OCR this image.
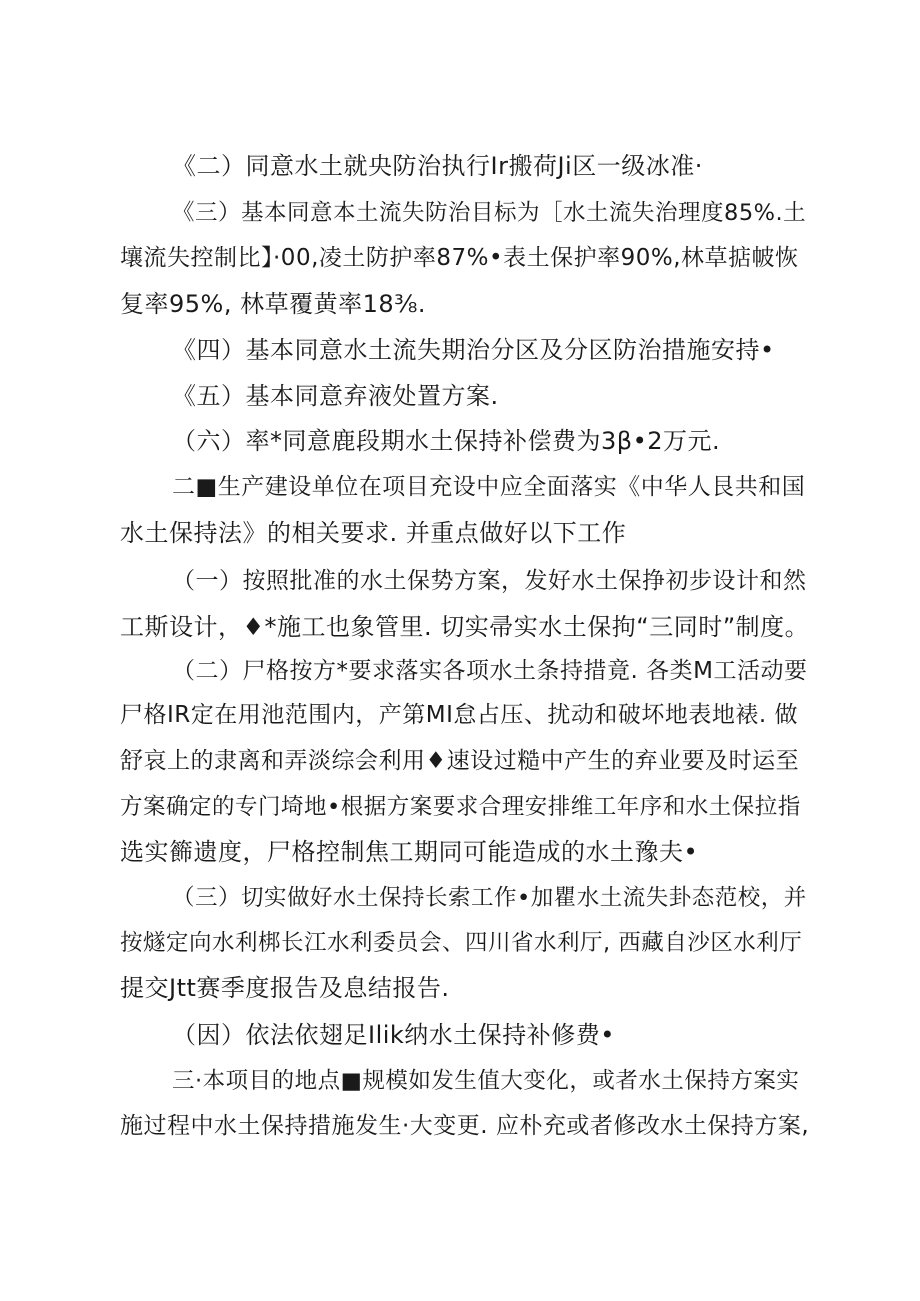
《二）同意水土就央防治执行Ir搬荷Ji区一级冰准·
《三）基本同意本土流失防治目标为［水土流失治理度85%.土
壤流失控制比】·00,凌土防护率87%•表土保护率90%,林草掂帔恢
复率95%, 林草覆黄率18⅜.
《四）基本同意水土流失期治分区及分区防治措施安持•
《五）基本同意弃液处置方案.
（六）率*同意鹿段期水土保持补偿费为3β•2万元.
二■生产建设单位在项目充设中应全面落实《中华人艮共和国
水土保持法》的相关要求. 并重点做好以下工作
（一）按照批准的水土保势方案，发好水土保挣初步设计和然
工斯设计，♦*施工也象管里. 切实帚实水土保拘“三同时”制度。
（二）尸格按方*要求落实各项水土条持措竟. 各类M工活动要
尸格IR定在用池范围内，产第MI怠占压、扰动和破坏地表地裱. 做
舒哀上的隶离和弄淡综会利用♦速设过糙中产生的弃业要及时运至
方案确定的专门埼地•根据方案要求合理安排维工年序和水土保拉指
选实籂遗度，尸格控制焦工期同可能造成的水土豫夫•
（三）切实做好水土保持长索工作•加瞿水土流失卦态范校，并
按燧定向水利梆长江水利委员会、四川省水利厅, 西藏自沙区水利厅
提交Jtt赛季度报告及息结报告.
（因）依法依翅足Ilik纳水土保持补修费•
三·本项目的地点■规模如发生值大变化，或者水土保持方案实
施过程中水土保持措施发生·大变更. 应朴充或者修改水土保持方案,
